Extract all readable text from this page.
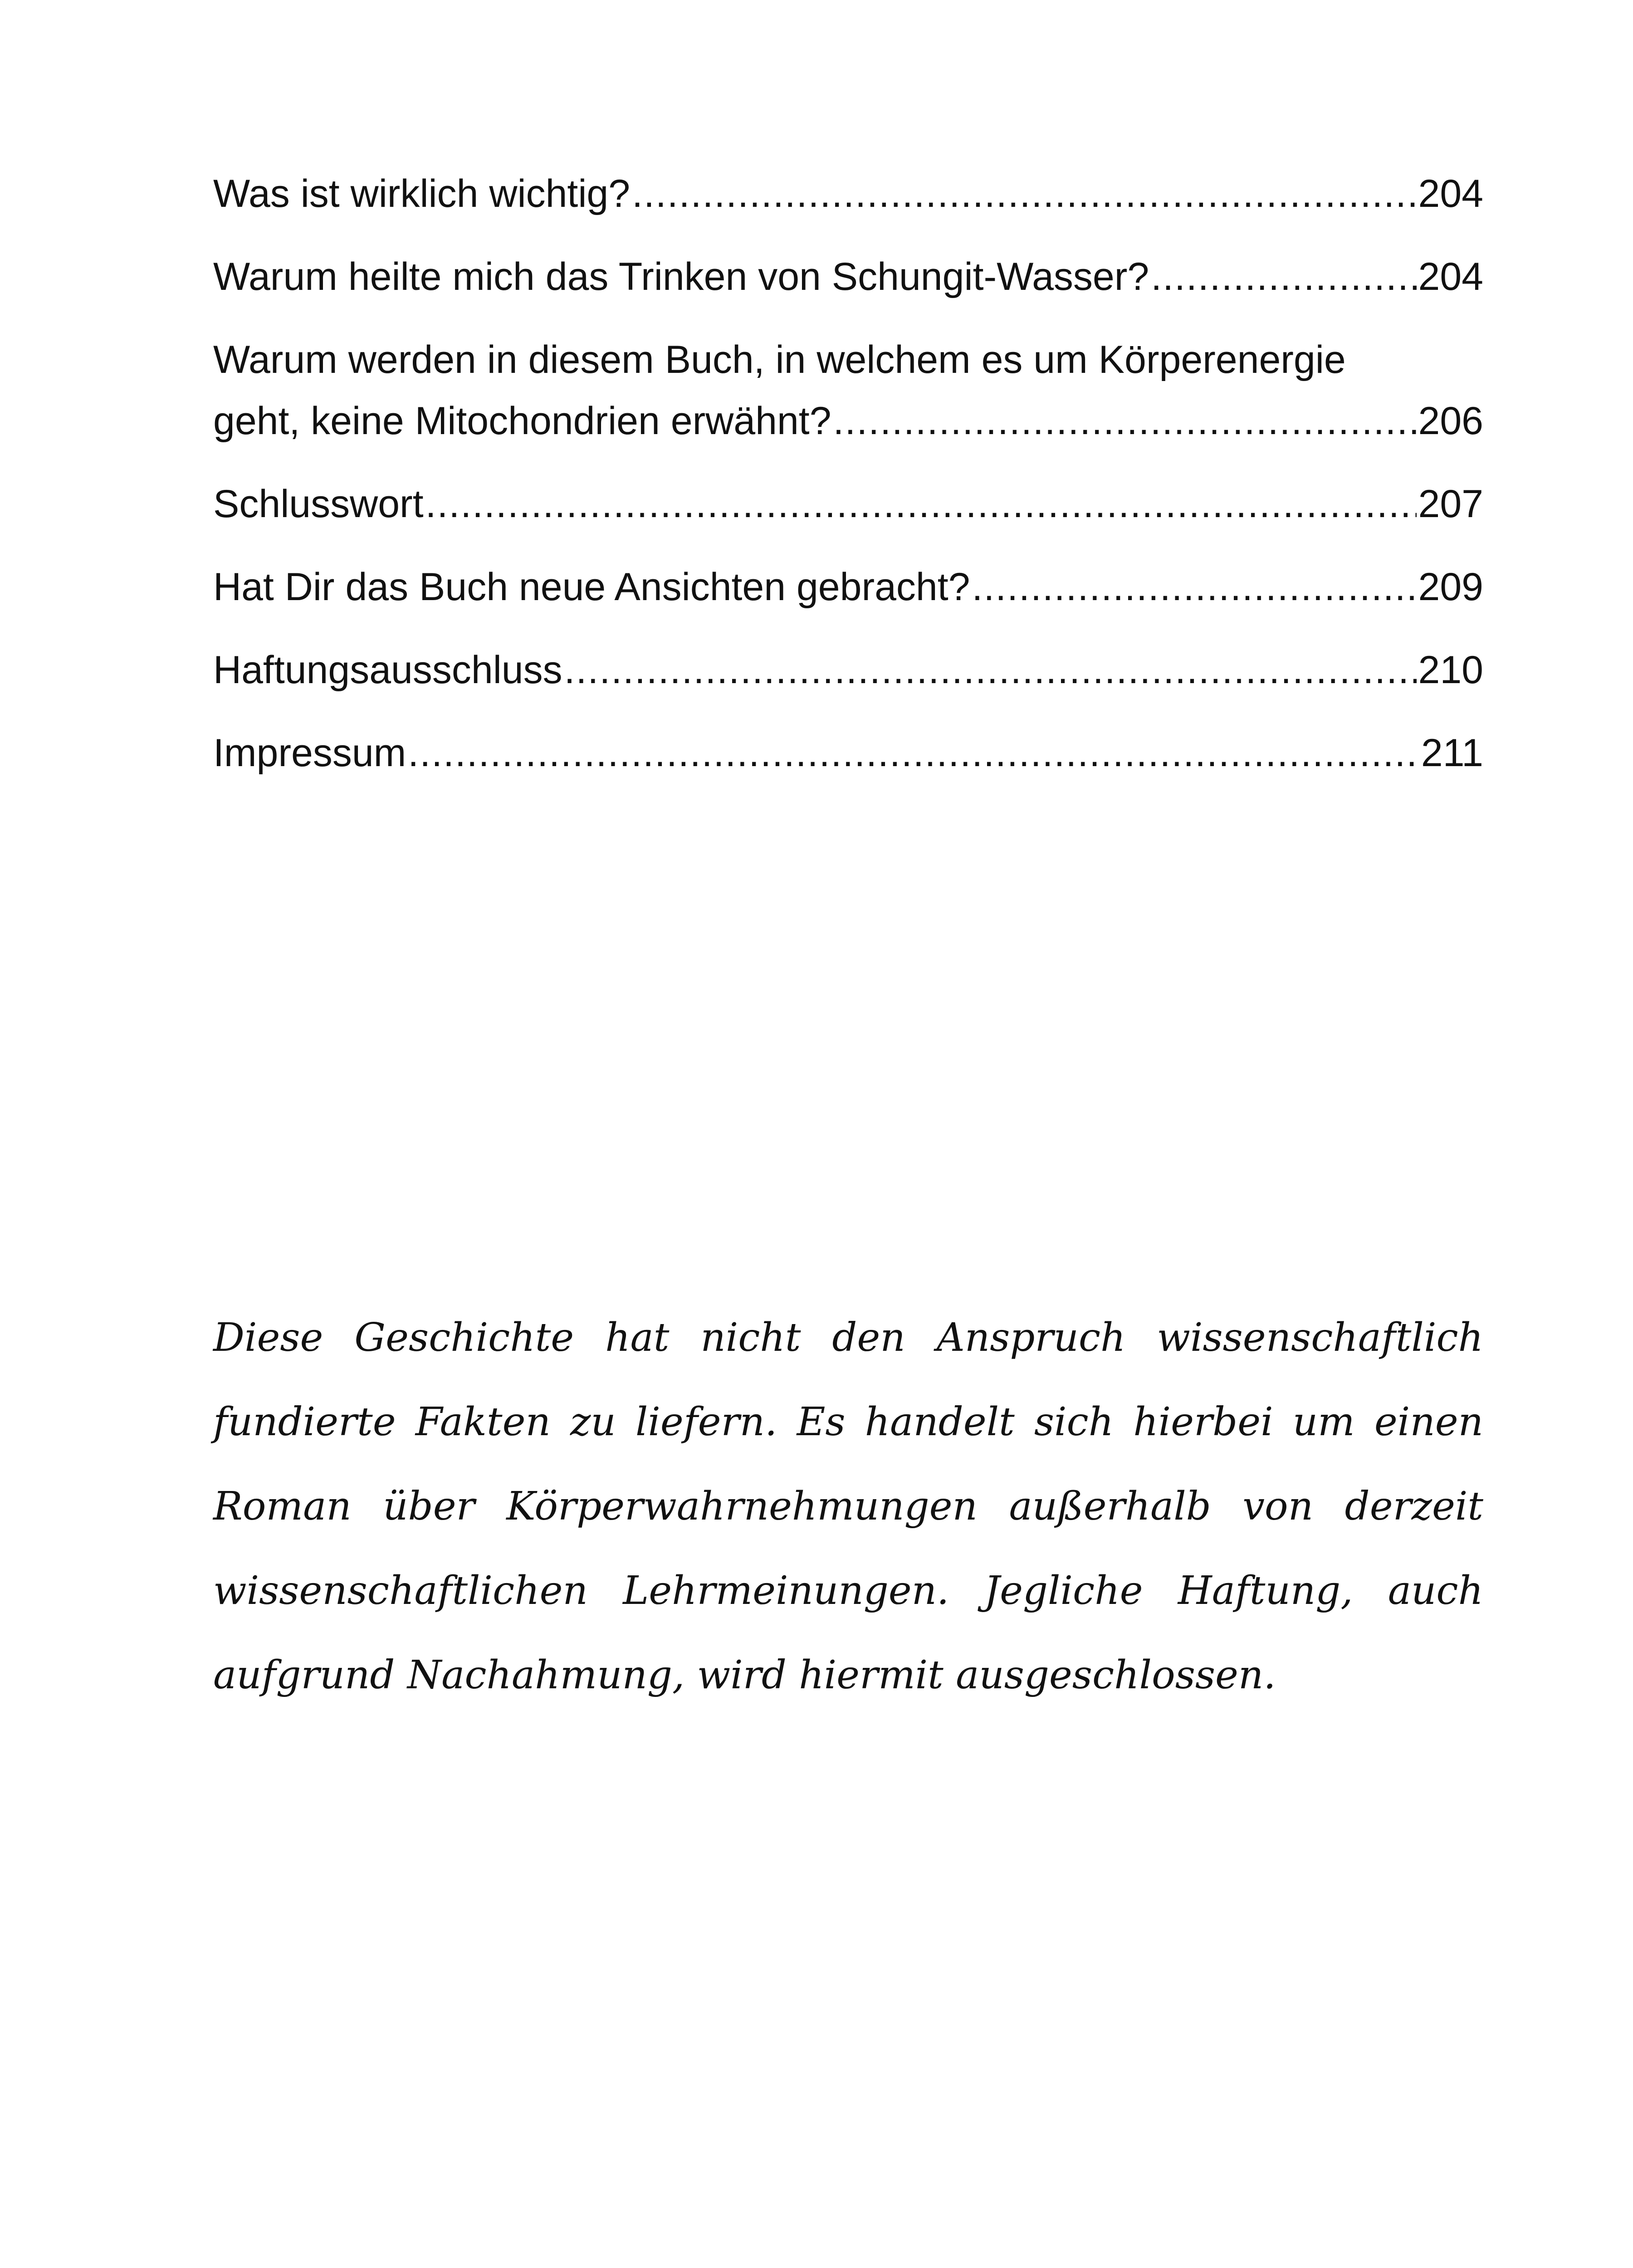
Was ist wirklich wichtig? .....	204
Warum heilte mich das Trinken von Schungit-Wasser? .....	204
Warum werden in diesem Buch, in welchem es um Körperenergie
geht, keine Mitochondrien erwähnt? .....	206
Schlusswort .....	207
Hat Dir das Buch neue Ansichten gebracht? .....	209
Haftungsausschluss .....	210
Impressum .....	211

Diese Geschichte hat nicht den Anspruch wissenschaftlich fundierte Fakten zu liefern. Es handelt sich hierbei um einen Roman über Körperwahrnehmungen außerhalb von derzeit wissenschaftlichen Lehrmeinungen. Jegliche Haftung, auch aufgrund Nachahmung, wird hiermit ausgeschlossen.
